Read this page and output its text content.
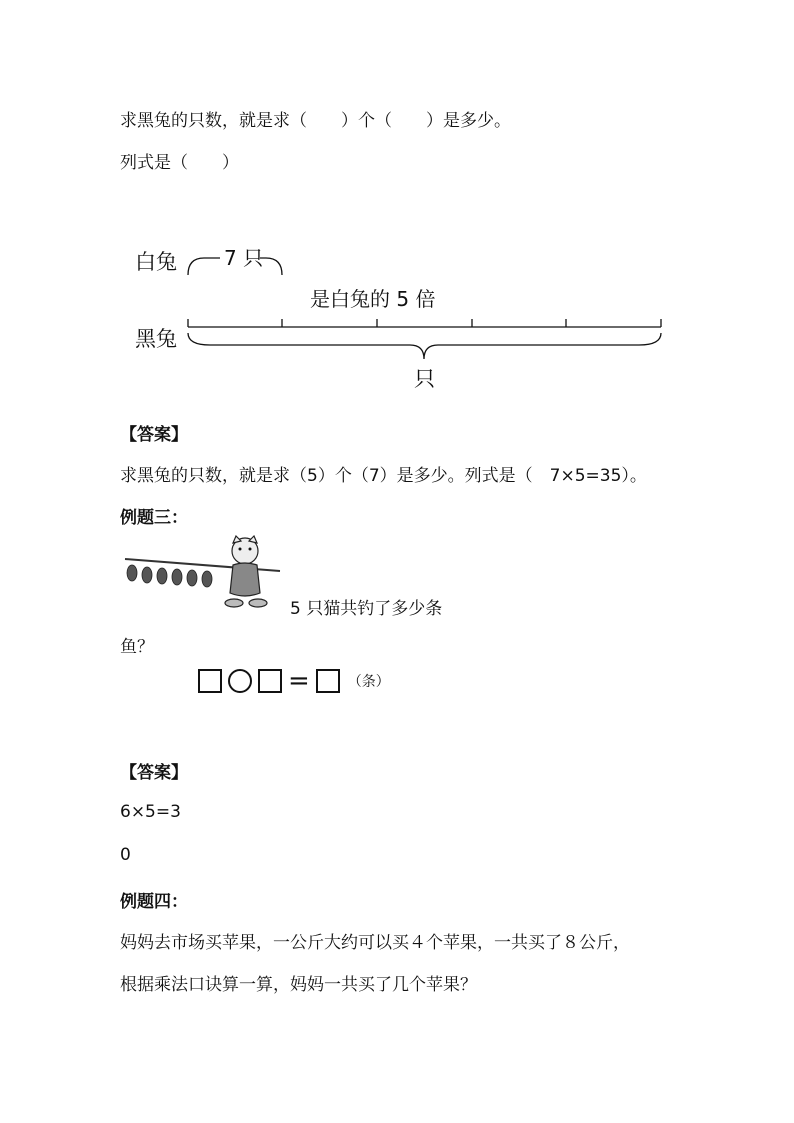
求黑兔的只数，就是求（　　）个（　　）是多少。
列式是（　　）
白兔 7 只
是白兔的 5 倍
黑兔
只
【答案】
求黑兔的只数，就是求（5）个（7）是多少。列式是（　7×5=35）。
例题三：
5 只猫共钓了多少条
鱼？
=	（条）
【答案】
6×5=3
0
例题四：
妈妈去市场买苹果，一公斤大约可以买４个苹果，一共买了８公斤，
根据乘法口诀算一算，妈妈一共买了几个苹果？
